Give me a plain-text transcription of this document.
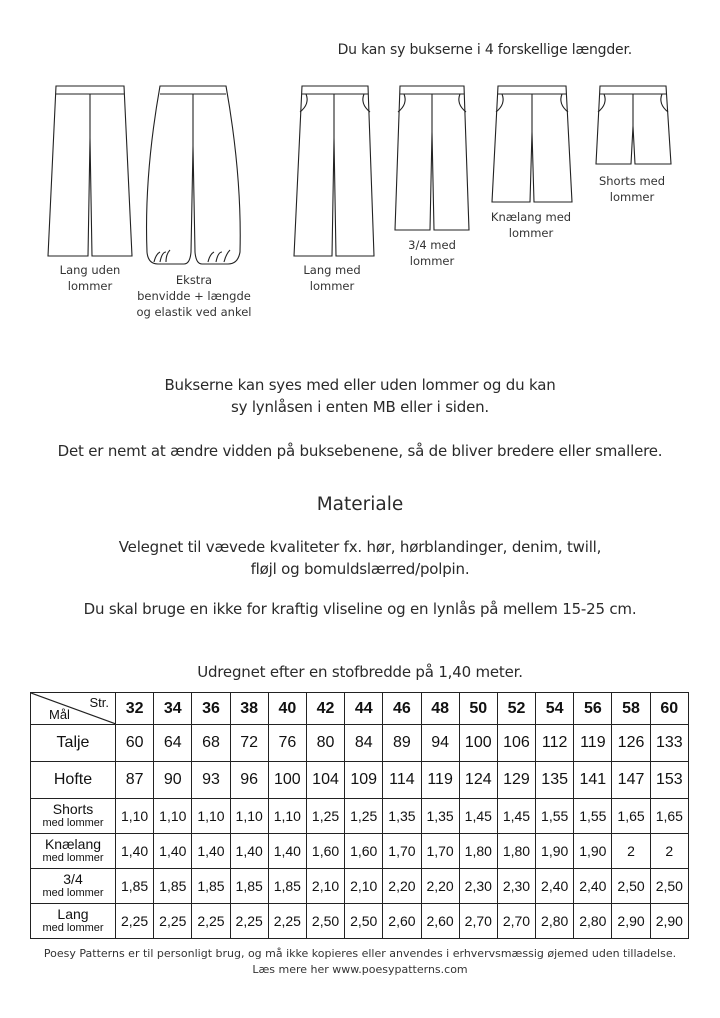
Du kan sy bukserne i 4 forskellige længder.
Lang uden
lommer	Ekstra
benvidde + længde
og elastik ved ankel
Lang med
lommer
3/4 med
lommer
Knælang med
lommer
Shorts med
lommer
Bukserne kan syes med eller uden lommer og du kan
sy lynlåsen i enten MB eller i siden.
Det er nemt at ændre vidden på buksebenene, så de bliver bredere eller smallere.
Materiale
Velegnet til vævede kvaliteter fx. hør, hørblandinger, denim, twill,
fløjl og bomuldslærred/polpin.
Du skal bruge en ikke for kraftig vliseline og en lynlås på mellem 15-25 cm.
Udregnet efter en stofbredde på 1,40 meter.
Str.
Mål	32	34	36	38	40	42	44	46	48	50	52	54	56	58	60

Talje	60	64	68	72	76	80	84	89	94	100	106	112	119	126	133

Hofte	87	90	93	96	100	104	109	114	119	124	129	135	141	147	153

Shorts
med lommer	1,10	1,10	1,10	1,10	1,10	1,25	1,25	1,35	1,35	1,45	1,45	1,55	1,55	1,65	1,65

Knælang
med lommer	1,40	1,40	1,40	1,40	1,40	1,60	1,60	1,70	1,70	1,80	1,80	1,90	1,90	2	2

3/4
med lommer	1,85	1,85	1,85	1,85	1,85	2,10	2,10	2,20	2,20	2,30	2,30	2,40	2,40	2,50	2,50

Lang
med lommer	2,25	2,25	2,25	2,25	2,25	2,50	2,50	2,60	2,60	2,70	2,70	2,80	2,80	2,90	2,90
Poesy Patterns er til personligt brug, og må ikke kopieres eller anvendes i erhvervsmæssig øjemed uden tilladelse.
Læs mere her www.poesypatterns.com
